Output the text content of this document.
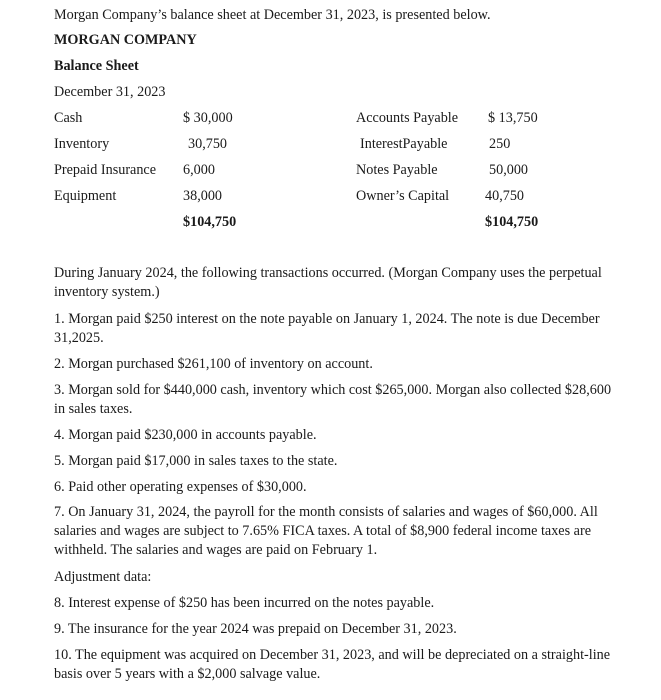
Morgan Company’s balance sheet at December 31, 2023, is presented below.
MORGAN COMPANY
Balance Sheet
December 31, 2023
Cash	$ 30,000
Inventory	30,750
Prepaid Insurance 6,000
Equipment	38,000
$104,750
Accounts Payable $ 13,750
InterestPayable	250
Notes Payable	50,000
Owner’s Capital	40,750
$104,750
During January 2024, the following transactions occurred. (Morgan Company uses the perpetual inventory system.)
1. Morgan paid $250 interest on the note payable on January 1, 2024. The note is due December 31,2025.
2. Morgan purchased $261,100 of inventory on account.
3. Morgan sold for $440,000 cash, inventory which cost $265,000. Morgan also collected $28,600 in sales taxes.
4. Morgan paid $230,000 in accounts payable.
5. Morgan paid $17,000 in sales taxes to the state.
6. Paid other operating expenses of $30,000.
7. On January 31, 2024, the payroll for the month consists of salaries and wages of $60,000. All salaries and wages are subject to 7.65% FICA taxes. A total of $8,900 federal income taxes are withheld. The salaries and wages are paid on February 1.
Adjustment data:
8. Interest expense of $250 has been incurred on the notes payable.
9. The insurance for the year 2024 was prepaid on December 31, 2023.
10. The equipment was acquired on December 31, 2023, and will be depreciated on a straight-line basis over 5 years with a $2,000 salvage value.
